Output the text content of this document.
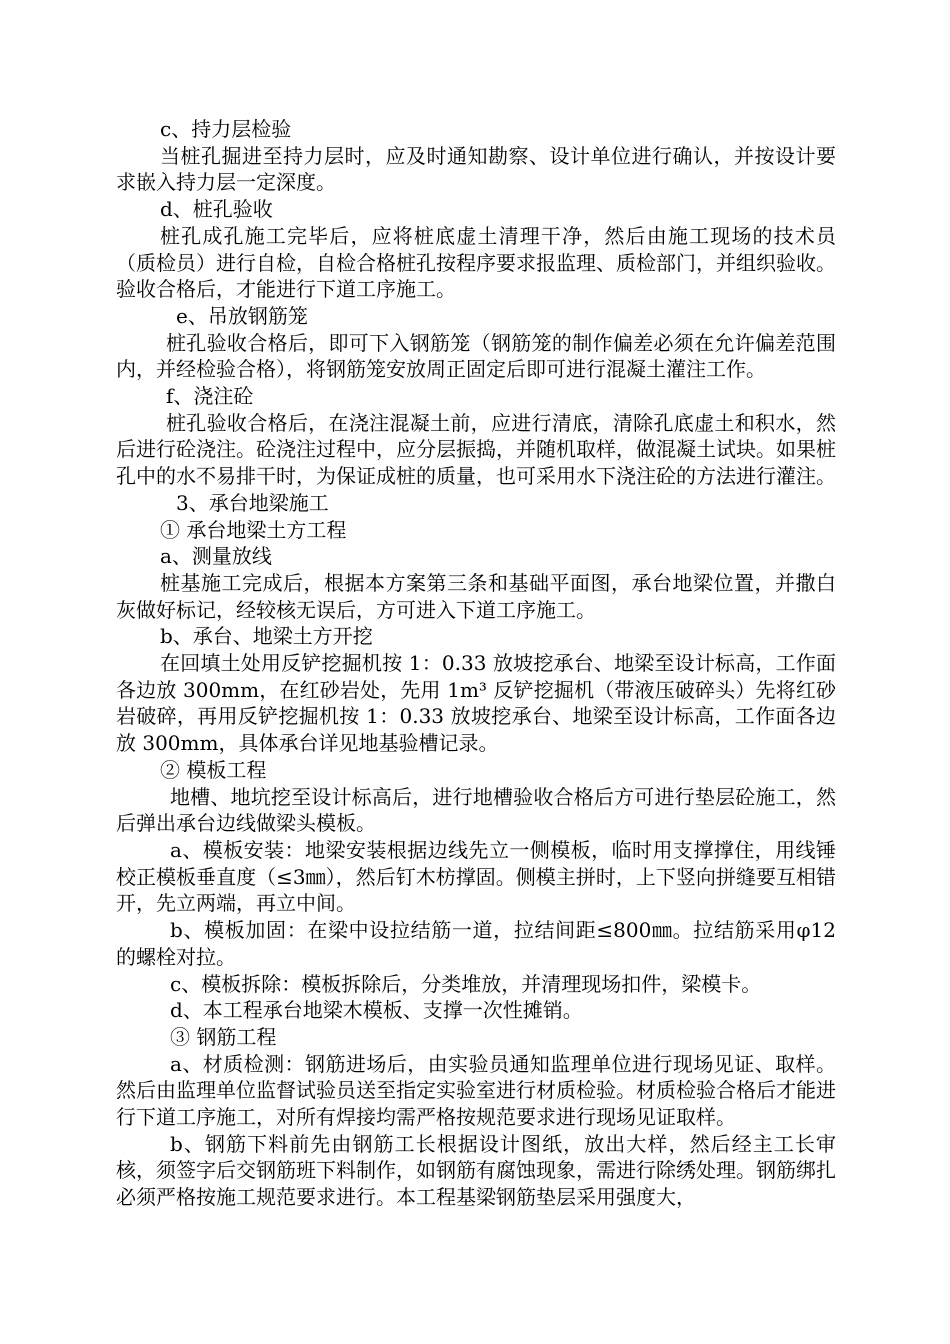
c、持力层检验

当桩孔掘进至持力层时，应及时通知勘察、设计单位进行确认，并按设计要求嵌入持力层一定深度。

d、桩孔验收

桩孔成孔施工完毕后，应将桩底虚土清理干净，然后由施工现场的技术员（质检员）进行自检，自检合格桩孔按程序要求报监理、质检部门，并组织验收。验收合格后，才能进行下道工序施工。

e、吊放钢筋笼

桩孔验收合格后，即可下入钢筋笼（钢筋笼的制作偏差必须在允许偏差范围内，并经检验合格），将钢筋笼安放周正固定后即可进行混凝土灌注工作。

f、浇注砼

桩孔验收合格后，在浇注混凝土前，应进行清底，清除孔底虚土和积水，然后进行砼浇注。砼浇注过程中，应分层振捣，并随机取样，做混凝土试块。如果桩孔中的水不易排干时，为保证成桩的质量，也可采用水下浇注砼的方法进行灌注。

3、承台地梁施工

① 承台地梁土方工程

a、测量放线

桩基施工完成后，根据本方案第三条和基础平面图，承台地梁位置，并撒白灰做好标记，经较核无误后，方可进入下道工序施工。

b、承台、地梁土方开挖

在回填土处用反铲挖掘机按 1：0.33 放坡挖承台、地梁至设计标高，工作面各边放 300mm，在红砂岩处，先用 1m³ 反铲挖掘机（带液压破碎头）先将红砂岩破碎，再用反铲挖掘机按 1：0.33 放坡挖承台、地梁至设计标高，工作面各边放 300mm，具体承台详见地基验槽记录。

② 模板工程

地槽、地坑挖至设计标高后，进行地槽验收合格后方可进行垫层砼施工，然后弹出承台边线做梁头模板。

a、模板安装：地梁安装根据边线先立一侧模板，临时用支撑撑住，用线锤校正模板垂直度（≤3㎜），然后钉木枋撑固。侧模主拼时，上下竖向拼缝要互相错开，先立两端，再立中间。

b、模板加固：在梁中设拉结筋一道，拉结间距≤800㎜。拉结筋采用φ12 的螺栓对拉。

c、模板拆除：模板拆除后，分类堆放，并清理现场扣件，梁模卡。

d、本工程承台地梁木模板、支撑一次性摊销。

③ 钢筋工程

a、材质检测：钢筋进场后，由实验员通知监理单位进行现场见证、取样。然后由监理单位监督试验员送至指定实验室进行材质检验。材质检验合格后才能进行下道工序施工，对所有焊接均需严格按规范要求进行现场见证取样。

b、钢筋下料前先由钢筋工长根据设计图纸，放出大样，然后经主工长审核，须签字后交钢筋班下料制作，如钢筋有腐蚀现象，需进行除绣处理。钢筋绑扎必须严格按施工规范要求进行。本工程基梁钢筋垫层采用强度大，
